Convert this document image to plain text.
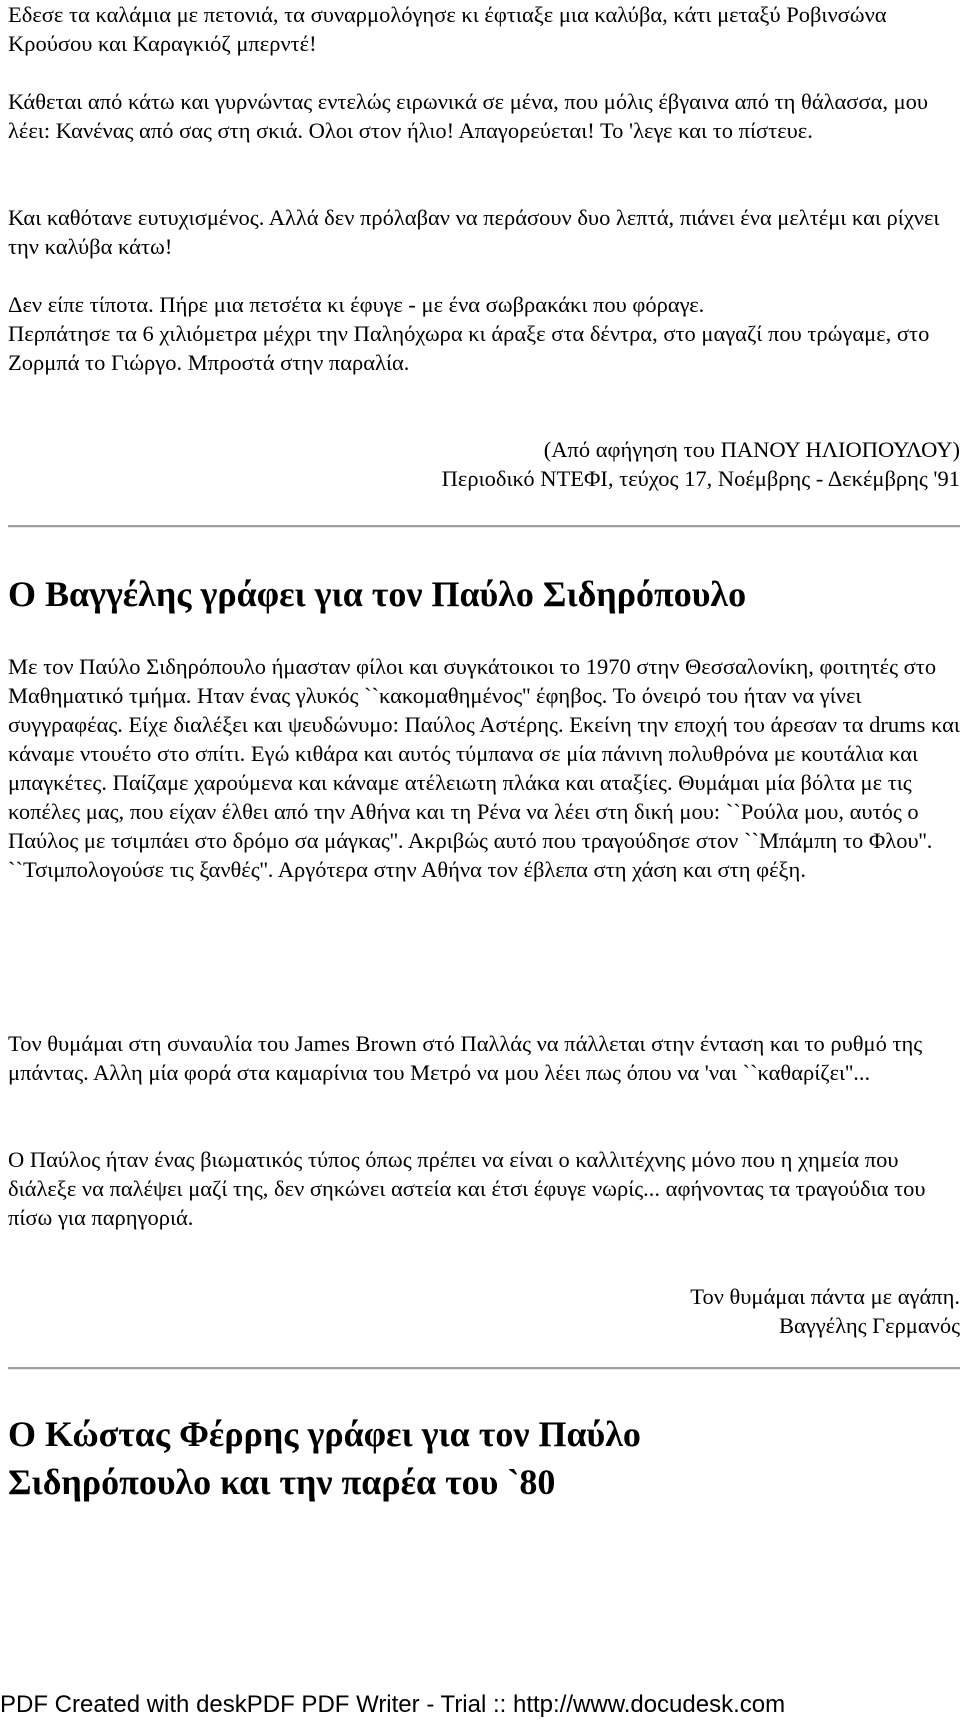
Εδεσε τα καλάμια με πετονιά, τα συναρμολόγησε κι έφτιαξε μια καλύβα, κάτι μεταξύ Ροβινσώνα Κρούσου και Καραγκιόζ μπερντέ!

Κάθεται από κάτω και γυρνώντας εντελώς ειρωνικά σε μένα, που μόλις έβγαινα από τη θάλασσα, μου λέει: Κανένας από σας στη σκιά. Ολοι στον ήλιο! Απαγορεύεται! Το 'λεγε και το πίστευε.

Και καθότανε ευτυχισμένος. Αλλά δεν πρόλαβαν να περάσουν δυο λεπτά, πιάνει ένα μελτέμι και ρίχνει την καλύβα κάτω!

Δεν είπε τίποτα. Πήρε μια πετσέτα κι έφυγε - με ένα σωβρακάκι που φόραγε.

Περπάτησε τα 6 χιλιόμετρα μέχρι την Παληόχωρα κι άραξε στα δέντρα, στο μαγαζί που τρώγαμε, στο Ζορμπά το Γιώργο. Μπροστά στην παραλία.

(Από αφήγηση του ΠΑΝΟΥ ΗΛΙΟΠΟΥΛΟΥ)

Περιοδικό ΝΤΕΦΙ, τεύχος 17, Νοέμβρης - Δεκέμβρης '91

Ο Βαγγέλης γράφει για τον Παύλο Σιδηρόπουλο

Με τον Παύλο Σιδηρόπουλο ήμασταν φίλοι και συγκάτοικοι το 1970 στην Θεσσαλονίκη, φοιτητές στο Μαθηματικό τμήμα. Ηταν ένας γλυκός ``κακομαθημένος'' έφηβος. Το όνειρό του ήταν να γίνει συγγραφέας. Είχε διαλέξει και ψευδώνυμο: Παύλος Αστέρης. Εκείνη την εποχή του άρεσαν τα drums και κάναμε ντουέτο στο σπίτι. Εγώ κιθάρα και αυτός τύμπανα σε μία πάνινη πολυθρόνα με κουτάλια και μπαγκέτες. Παίζαμε χαρούμενα και κάναμε ατέλειωτη πλάκα και αταξίες. Θυμάμαι μία βόλτα με τις κοπέλες μας, που είχαν έλθει από την Αθήνα και τη Ρένα να λέει στη δική μου: ``Ρούλα μου, αυτός ο Παύλος με τσιμπάει στο δρόμο σα μάγκας''. Ακριβώς αυτό που τραγούδησε στον ``Μπάμπη το Φλου''. ``Τσιμπολογούσε τις ξανθές''. Αργότερα στην Αθήνα τον έβλεπα στη χάση και στη φέξη.

Τον θυμάμαι στη συναυλία του James Brown στό Παλλάς να πάλλεται στην ένταση και το ρυθμό της μπάντας. Αλλη μία φορά στα καμαρίνια του Μετρό να μου λέει πως όπου να 'ναι ``καθαρίζει''...

Ο Παύλος ήταν ένας βιωματικός τύπος όπως πρέπει να είναι ο καλλιτέχνης μόνο που η χημεία που διάλεξε να παλέψει μαζί της, δεν σηκώνει αστεία και έτσι έφυγε νωρίς... αφήνοντας τα τραγούδια του πίσω για παρηγοριά.

Τον θυμάμαι πάντα με αγάπη.

Βαγγέλης Γερμανός

Ο Κώστας Φέρρης γράφει για τον Παύλο Σιδηρόπουλο και την παρέα του `80
PDF Created with deskPDF PDF Writer - Trial :: http://www.docudesk.com
